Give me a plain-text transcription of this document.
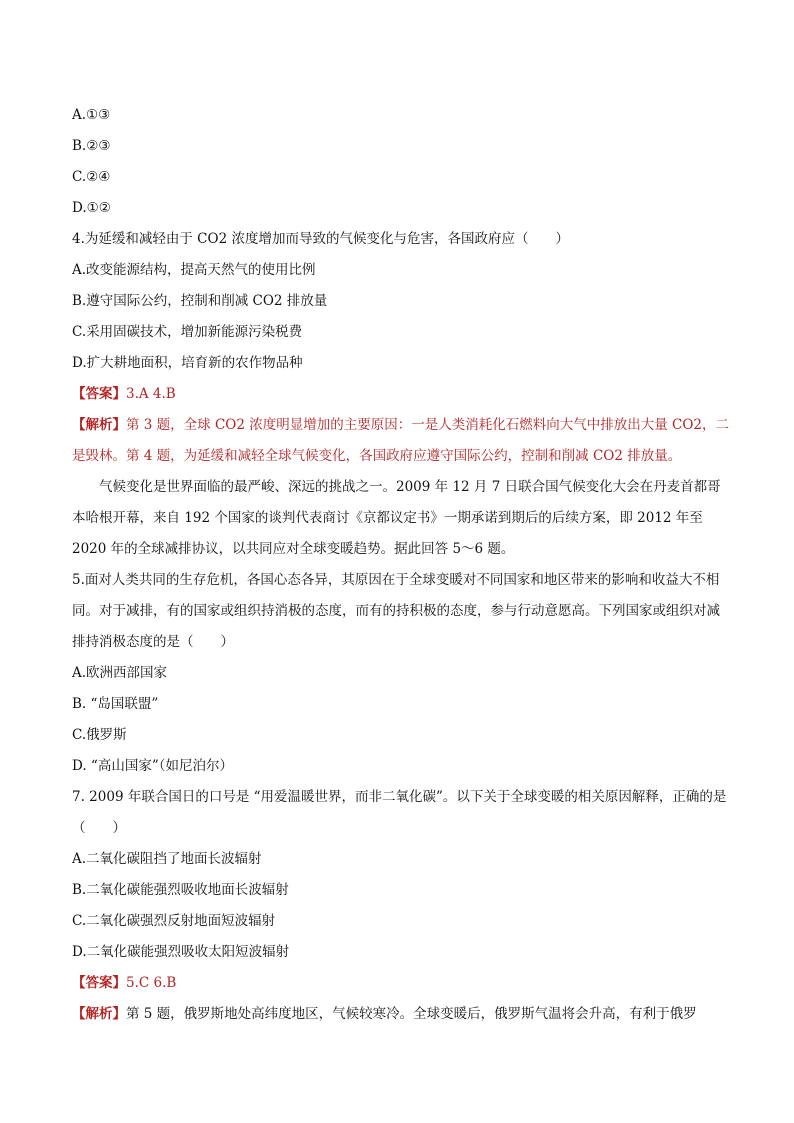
A.①③

B.②③

C.②④

D.①②

4.为延缓和减轻由于 CO2 浓度增加而导致的气候变化与危害，各国政府应（　　）

A.改变能源结构，提高天然气的使用比例

B.遵守国际公约，控制和削减 CO2 排放量

C.采用固碳技术，增加新能源污染税费

D.扩大耕地面积，培育新的农作物品种

【答案】3.A 4.B

【解析】第 3 题，全球 CO2 浓度明显增加的主要原因：一是人类消耗化石燃料向大气中排放出大量 CO2，二是毁林。第 4 题，为延缓和减轻全球气候变化，各国政府应遵守国际公约，控制和削减 CO2 排放量。

气候变化是世界面临的最严峻、深远的挑战之一。2009 年 12 月 7 日联合国气候变化大会在丹麦首都哥本哈根开幕，来自 192 个国家的谈判代表商讨《京都议定书》一期承诺到期后的后续方案，即 2012 年至 2020 年的全球减排协议，以共同应对全球变暖趋势。据此回答 5～6 题。

5.面对人类共同的生存危机，各国心态各异，其原因在于全球变暖对不同国家和地区带来的影响和收益大不相同。对于减排，有的国家或组织持消极的态度，而有的持积极的态度，参与行动意愿高。下列国家或组织对减排持消极态度的是（　　）

A.欧洲西部国家

B. “岛国联盟”

C.俄罗斯

D. “高山国家”（如尼泊尔）

7. 2009 年联合国日的口号是 “用爱温暖世界，而非二氧化碳”。以下关于全球变暖的相关原因解释，正确的是（　　）

A.二氧化碳阻挡了地面长波辐射

B.二氧化碳能强烈吸收地面长波辐射

C.二氧化碳强烈反射地面短波辐射

D.二氧化碳能强烈吸收太阳短波辐射

【答案】5.C 6.B

【解析】第 5 题，俄罗斯地处高纬度地区，气候较寒冷。全球变暖后，俄罗斯气温将会升高，有利于俄罗
